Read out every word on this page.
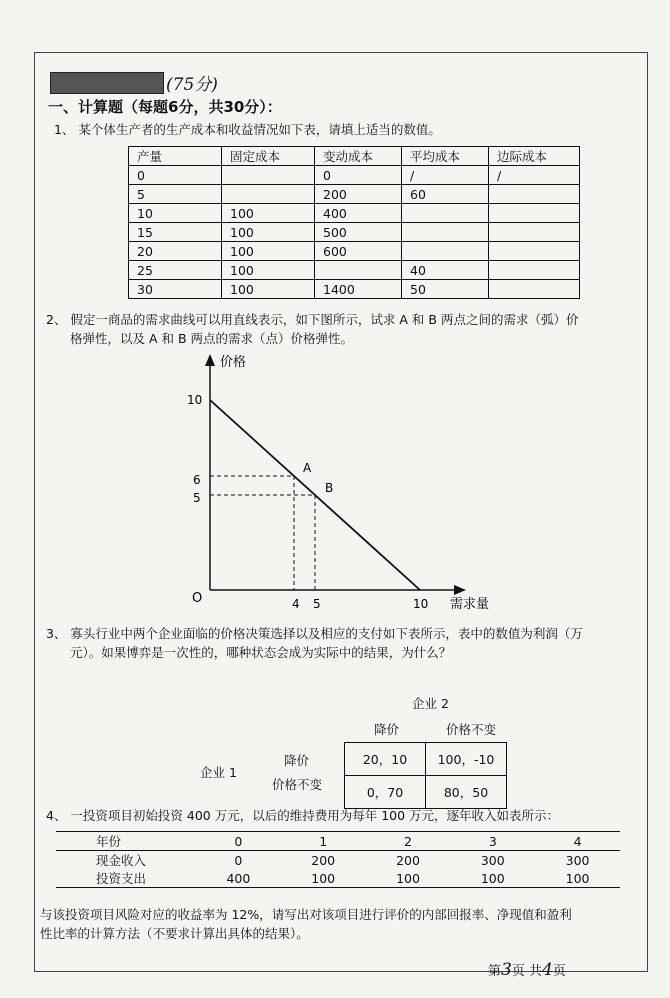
(75分)
一、计算题（每题6分，共30分）：
1、 某个体生产者的生产成本和收益情况如下表，请填上适当的数值。
产量	固定成本	变动成本	平均成本	边际成本
0		0	/	/
5		200	60	
10	100	400		
15	100	500		
20	100	600		
25	100		40	
30	100	1400	50	
2、 假定一商品的需求曲线可以用直线表示，如下图所示，试求 A 和 B 两点之间的需求（弧）价
格弹性，以及 A 和 B 两点的需求（点）价格弹性。
价格
需求量
O
10
6
5
4 5	10
A
B
3、 寡头行业中两个企业面临的价格决策选择以及相应的支付如下表所示，表中的数值为利润（万
元）。如果博弈是一次性的，哪种状态会成为实际中的结果，为什么？
企业 2
降价	价格不变
降价
价格不变
企业 1
20，10	100，-10
0，70	80，50
4、 一投资项目初始投资 400 万元，以后的维持费用为每年 100 万元，逐年收入如表所示：
年份	0	1	2	3	4
现金收入	0	200	200	300	300
投资支出	400	100	100	100	100
与该投资项目风险对应的收益率为 12%，请写出对该项目进行评价的内部回报率、净现值和盈利
性比率的计算方法（不要求计算出具体的结果）。
第3页 共4页
